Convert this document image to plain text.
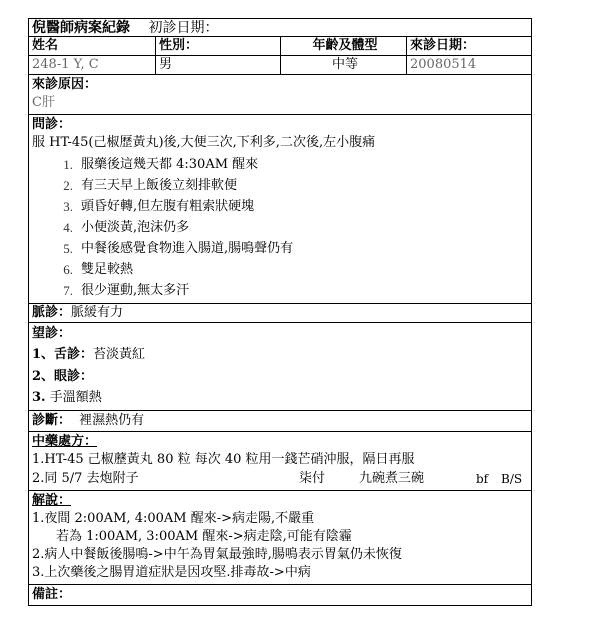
倪醫師病案紀錄 初診日期：
姓名	性別：	年齡及體型	來診日期：
248-1 Y, C	男	中等	20080514
來診原因：
C肝
問診：
服 HT-45(己椒歷黃丸)後,大便三次,下利多,二次後,左小腹痛
1. 服藥後這幾天都 4:30AM 醒來
2. 有三天早上飯後立刻排軟便
3. 頭昏好轉,但左腹有粗索狀硬塊
4. 小便淡黃,泡沫仍多
5. 中餐後感覺食物進入腸道,腸鳴聲仍有
6. 雙足較熱
7. 很少運動,無太多汗
脈診：脈緩有力
望診：
1、舌診：苔淡黃紅
2、眼診：
3. 手溫額熱
診斷： 裡濕熱仍有
中藥處方：
1.HT-45 己椒藶黃丸 80 粒 每次 40 粒用一錢芒硝沖服，隔日再服
2.同 5/7 去炮附子	柒付	九碗煮三碗	bf B/S
解說：
1.夜間 2:00AM, 4:00AM 醒來->病走陽,不嚴重
若為 1:00AM, 3:00AM 醒來->病走陰,可能有陰霾
2.病人中餐飯後腸鳴->中午為胃氣最強時,腸鳴表示胃氣仍未恢復
3.上次藥後之腸胃道症狀是因攻堅.排毒故->中病
備註：
